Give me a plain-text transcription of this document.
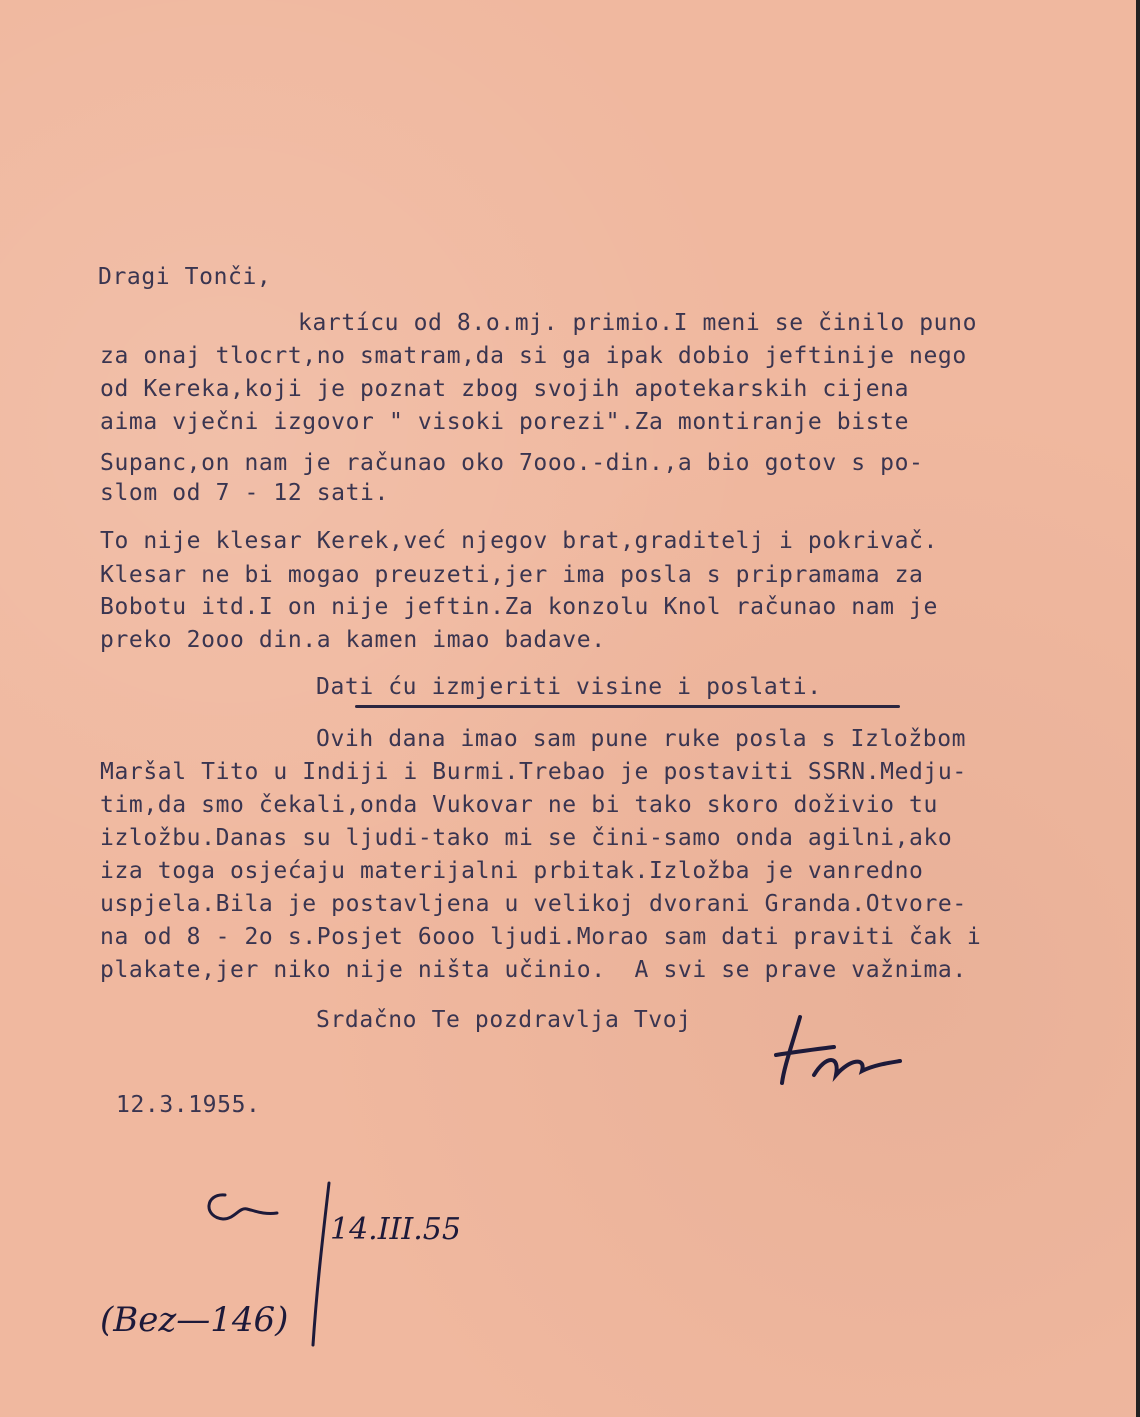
Dragi Tonči,
kartícu od 8.o.mj. primio.I meni se činilo puno
za onaj tlocrt,no smatram,da si ga ipak dobio jeftinije nego
od Kereka,koji je poznat zbog svojih apotekarskih cijena
aima vječni izgovor " visoki porezi".Za montiranje biste
Supanc,on nam je računao oko 7ooo.-din.,a bio gotov s po-
slom od 7 - 12 sati.
To nije klesar Kerek,već njegov brat,graditelj i pokrivač.
Klesar ne bi mogao preuzeti,jer ima posla s pripramama za
Bobotu itd.I on nije jeftin.Za konzolu Knol računao nam je
preko 2ooo din.a kamen imao badave.
Dati ću izmjeriti visine i poslati.
Ovih dana imao sam pune ruke posla s Izložbom
Maršal Tito u Indiji i Burmi.Trebao je postaviti SSRN.Medju-
tim,da smo čekali,onda Vukovar ne bi tako skoro doživio tu
izložbu.Danas su ljudi-tako mi se čini-samo onda agilni,ako
iza toga osjećaju materijalni prbitak.Izložba je vanredno
uspjela.Bila je postavljena u velikoj dvorani Granda.Otvore-
na od 8 - 2o s.Posjet 6ooo ljudi.Morao sam dati praviti čak i
plakate,jer niko nije ništa učinio.  A svi se prave važnima.
Srdačno Te pozdravlja Tvoj
12.3.1955.
14.III.55
(Bez—146)
